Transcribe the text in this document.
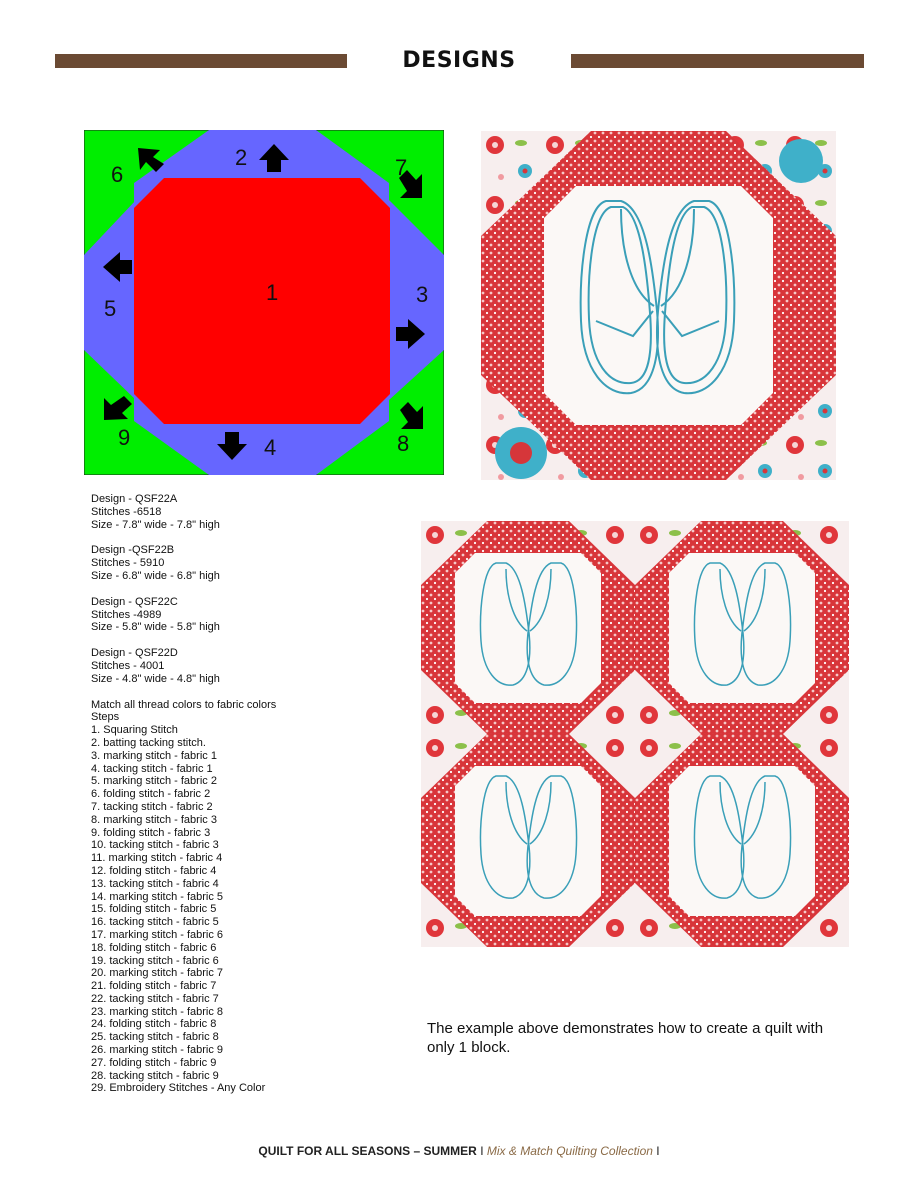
DESIGNS
1
2
3
4
5
6	7
8
9
Design - QSF22A
Stitches -6518
Size - 7.8" wide - 7.8" high
Design -QSF22B
Stitches - 5910
Size - 6.8" wide - 6.8" high
Design - QSF22C
Stitches -4989
Size - 5.8" wide - 5.8" high
Design - QSF22D
Stitches - 4001
Size - 4.8" wide - 4.8" high
Match all thread colors to fabric colors
Steps
1. Squaring Stitch
2. batting tacking stitch.
3. marking stitch - fabric 1
4. tacking stitch - fabric 1
5. marking stitch - fabric 2
6. folding stitch - fabric 2
7. tacking stitch - fabric 2
8. marking stitch - fabric 3
9. folding stitch - fabric 3
10. tacking stitch - fabric 3
11. marking stitch - fabric 4
12. folding stitch - fabric 4
13. tacking stitch - fabric 4
14. marking stitch - fabric 5
15. folding stitch - fabric 5
16. tacking stitch - fabric 5
17. marking stitch - fabric 6
18. folding stitch - fabric 6
19. tacking stitch - fabric 6
20. marking stitch - fabric 7
21. folding stitch - fabric 7
22. tacking stitch - fabric 7
23. marking stitch - fabric 8
24. folding stitch - fabric 8
25. tacking stitch - fabric 8
26. marking stitch - fabric 9
27. folding stitch - fabric 9
28. tacking stitch - fabric 9
29. Embroidery Stitches - Any Color
The example above demonstrates how to create a quilt with only 1 block.
QUILT FOR ALL SEASONS – SUMMER I Mix & Match Quilting Collection I
